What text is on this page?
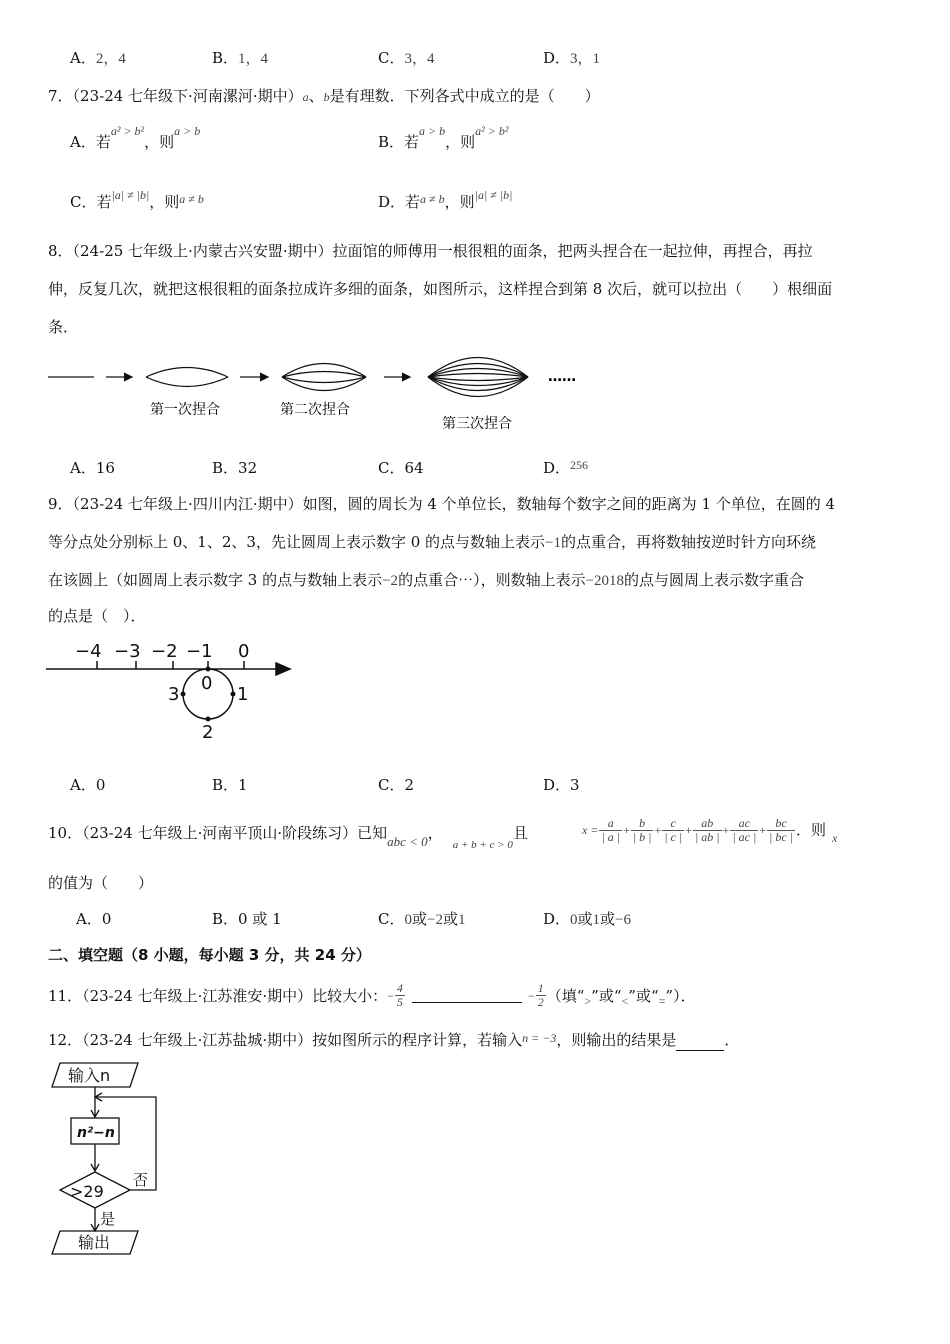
A．2，4	B．1，4	C．3，4	D．3，1
7．（23-24 七年级下·河南漯河·期中）a、b是有理数．下列各式中成立的是（　　）
A．若$^{a^2 > b^2}$，则$^{a > b}$
B．若$^{a > b}$，则$^{a^2 > b^2}$
C．若$^{|a| \ne |b|}$，则$^{a \ne b}$	D．若$^{a \ne b}$，则$^{|a| \ne |b|}$
8．（24-25 七年级上·内蒙古兴安盟·期中）拉面馆的师傅用一根很粗的面条，把两头捏合在一起拉伸，再捏合，再拉
伸，反复几次，就把这根很粗的面条拉成许多细的面条，如图所示，这样捏合到第 8 次后，就可以拉出（　　）根细面
条．
……
第一次捏合	第二次捏合
第三次捏合
A．16	B．32	C．64	D．$^{256}$
9．（23-24 七年级上·四川内江·期中）如图，圆的周长为 4 个单位长，数轴每个数字之间的距离为 1 个单位，在圆的 4
等分点处分别标上 0、1、2、3，先让圆周上表示数字 0 的点与数轴上表示−1的点重合，再将数轴按逆时针方向环绕
在该圆上（如圆周上表示数字 3 的点与数轴上表示−2的点重合⋯），则数轴上表示−2018的点与圆周上表示数字重合
的点是（　）．
−4 −3 −2 −1 0
0
1
2
3
A．0	B．1	C．2	D．3
10．（23-24 七年级上·河南平顶山·阶段练习）已知abc < 0，$_{a + b + c > 0}$且	$x = \frac{a}{| a |} + \frac{b}{| b |} + \frac{c}{| c |} + \frac{ab}{| ab |} + \frac{ac}{| ac |} + \frac{bc}{| bc |}$ ．则 x
的值为（　　）
A．0	B．0 或 1	C．0或−2或1	D．0或1或−6
二、填空题（8 小题，每小题 3 分，共 24 分）
11．（23-24 七年级上·江苏淮安·期中）比较大小： − $\frac{4}{5}$	− $\frac{1}{2}$ （填“ > ”或“ < ”或“ = ”）．
12．（23-24 七年级上·江苏盐城·期中）按如图所示的程序计算，若输入$^{n = -3}$，则输出的结果是	．
输入n
n²−n
>29
否
是
输出
